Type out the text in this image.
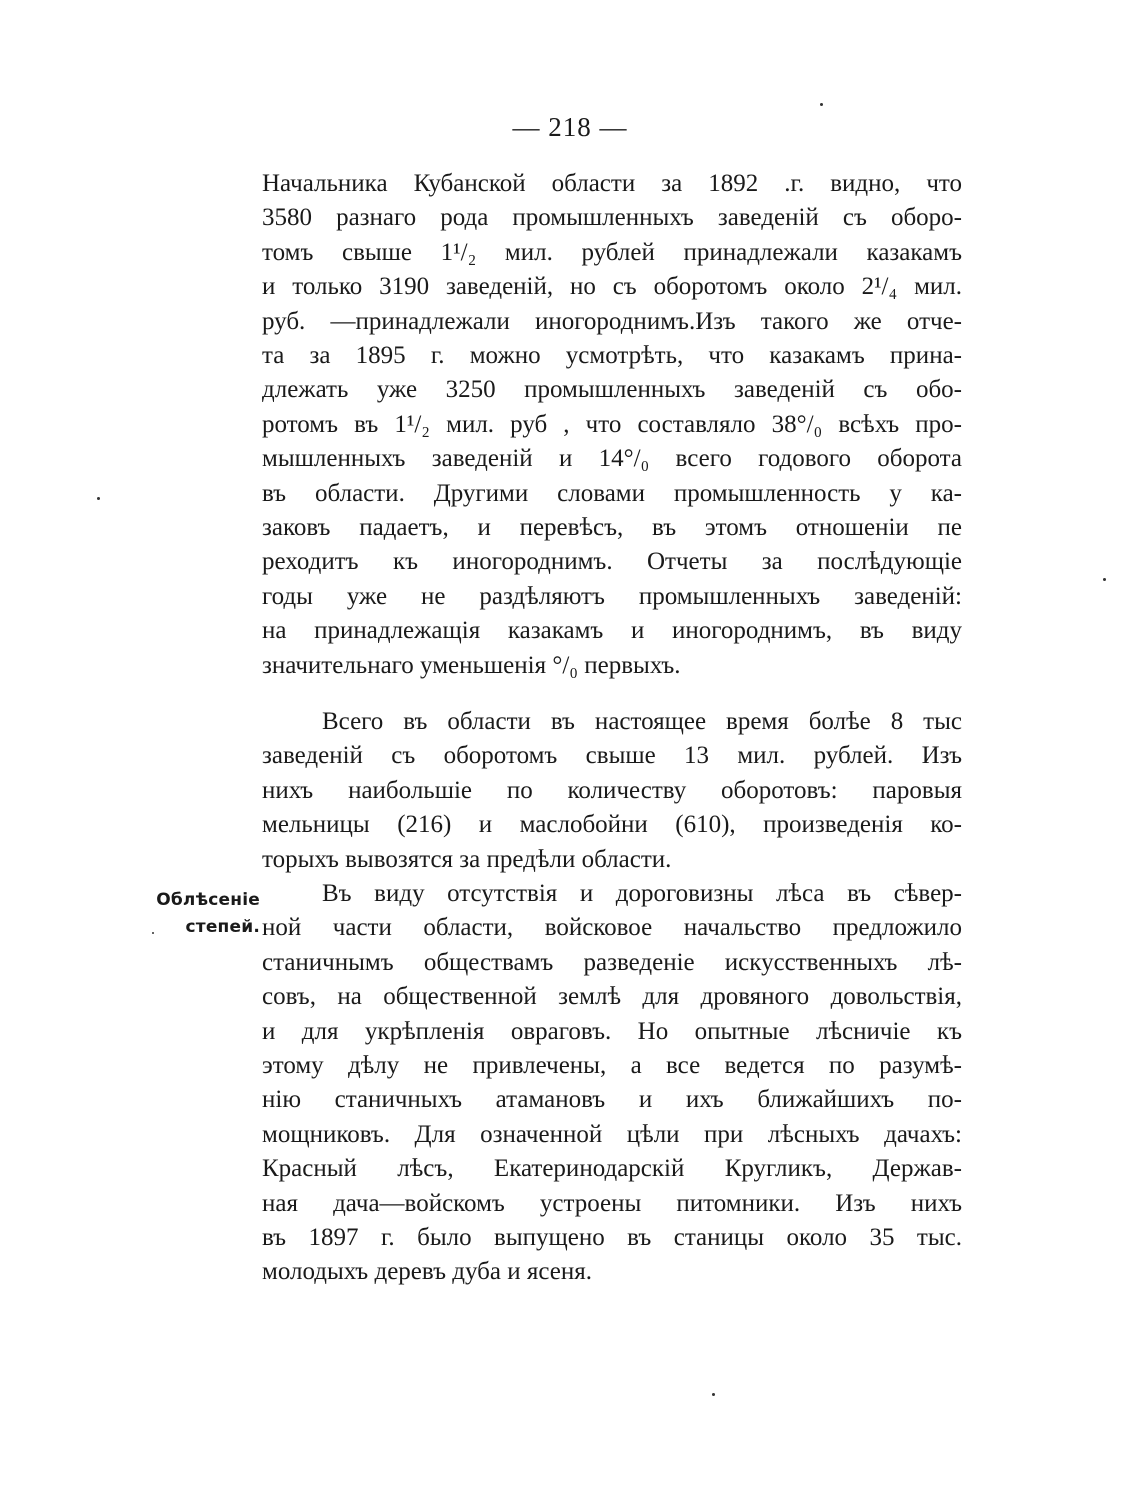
— 218 —
Облѣсеніе
степей.
Начальника Кубанской области за 1892 .г. видно, что
3580 разнаго рода промышленныхъ заведеній съ оборо-
томъ свыше 1¹/₂ мил. рублей принадлежали казакамъ
и только 3190 заведеній, но съ оборотомъ около 2¹/₄ мил.
руб. —принадлежали иногороднимъ.Изъ такого же отче-
та за 1895 г. можно усмотрѣть, что казакамъ прина-
длежать уже 3250 промышленныхъ заведеній съ обо-
ротомъ въ 1¹/₂ мил. руб , что составляло 38°/₀ всѣхъ про-
мышленныхъ заведеній и 14°/₀ всего годового оборота
въ области. Другими словами промышленность у ка-
заковъ падаетъ, и перевѣсъ, въ этомъ отношеніи пе
реходитъ къ иногороднимъ. Отчеты за послѣдующіе
годы уже не раздѣляютъ промышленныхъ заведеній:
на принадлежащія казакамъ и иногороднимъ, въ виду
значительнаго уменьшенія °/₀ первыхъ.
Всего въ области въ настоящее время болѣе 8 тыс
заведеній съ оборотомъ свыше 13 мил. рублей. Изъ
нихъ наибольшіе по количеству оборотовъ: паровыя
мельницы (216) и маслобойни (610), произведенія ко-
торыхъ вывозятся за предѣли области.
Въ виду отсутствія и дороговизны лѣса въ сѣвер-
ной части области, войсковое начальство предложило
станичнымъ обществамъ разведеніе искусственныхъ лѣ-
совъ, на общественной землѣ для дровяного довольствія,
и для укрѣпленія овраговъ. Но опытные лѣсничіе къ
этому дѣлу не привлечены, а все ведется по разумѣ-
нію станичныхъ атамановъ и ихъ ближайшихъ по-
мощниковъ. Для означенной цѣли при лѣсныхъ дачахъ:
Красный лѣсъ, Екатеринодарскій Кругликъ, Держав-
ная дача—войскомъ устроены питомники. Изъ нихъ
въ 1897 г. было выпущено въ станицы около 35 тыс.
молодыхъ деревъ дуба и ясеня.
